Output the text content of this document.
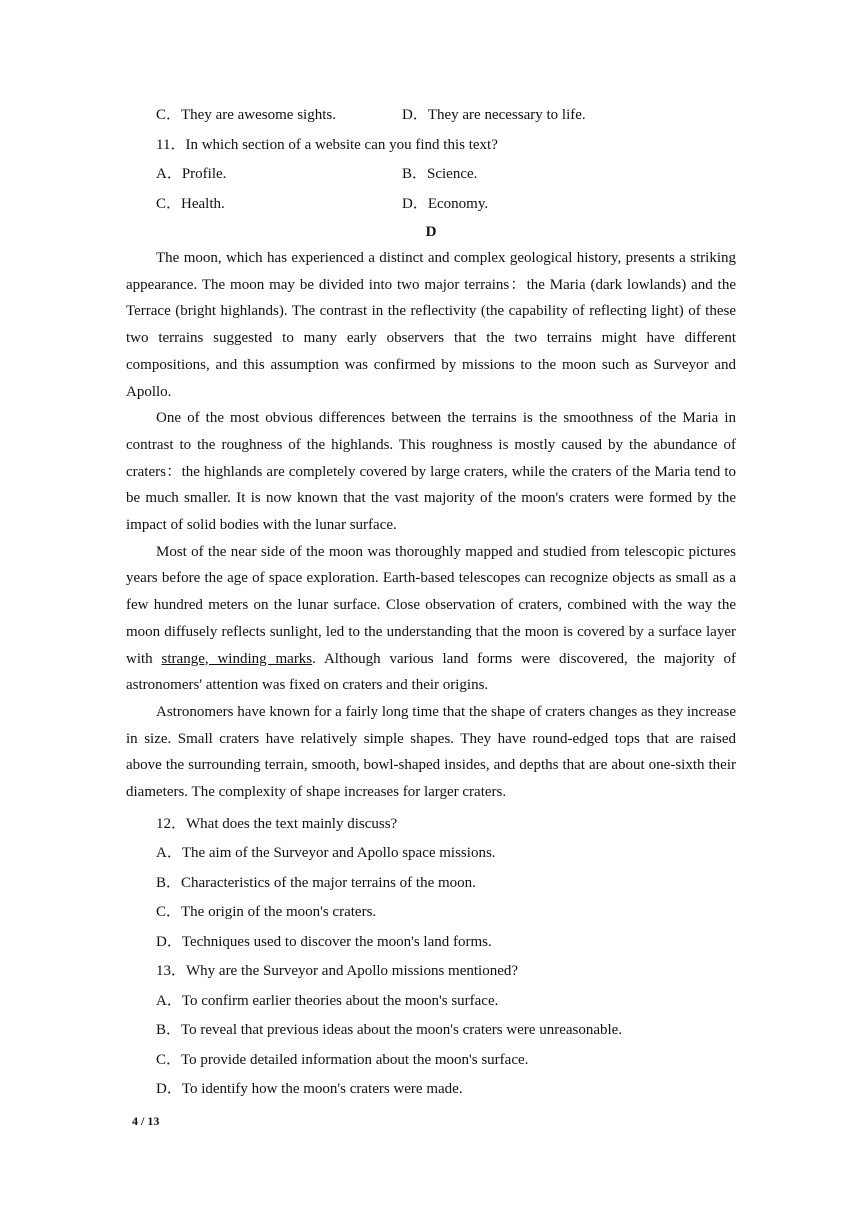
C．They are awesome sights.	D．They are necessary to life.
11．In which section of a website can you find this text?
A．Profile.	B．Science.
C．Health.	D．Economy.
D

The moon, which has experienced a distinct and complex geological history, presents a striking appearance. The moon may be divided into two major terrains：the Maria (dark lowlands) and the Terrace (bright highlands). The contrast in the reflectivity (the capability of reflecting light) of these two terrains suggested to many early observers that the two terrains might have different compositions, and this assumption was confirmed by missions to the moon such as Surveyor and Apollo.

One of the most obvious differences between the terrains is the smoothness of the Maria in contrast to the roughness of the highlands. This roughness is mostly caused by the abundance of craters：the highlands are completely covered by large craters, while the craters of the Maria tend to be much smaller. It is now known that the vast majority of the moon's craters were formed by the impact of solid bodies with the lunar surface.

Most of the near side of the moon was thoroughly mapped and studied from telescopic pictures years before the age of space exploration. Earth-based telescopes can recognize objects as small as a few hundred meters on the lunar surface. Close observation of craters, combined with the way the moon diffusely reflects sunlight, led to the understanding that the moon is covered by a surface layer with strange, winding marks. Although various land forms were discovered, the majority of astronomers' attention was fixed on craters and their origins.

Astronomers have known for a fairly long time that the shape of craters changes as they increase in size. Small craters have relatively simple shapes. They have round-edged tops that are raised above the surrounding terrain, smooth, bowl-shaped insides, and depths that are about one-sixth their diameters. The complexity of shape increases for larger craters.

12．What does the text mainly discuss?
A．The aim of the Surveyor and Apollo space missions.
B．Characteristics of the major terrains of the moon.
C．The origin of the moon's craters.
D．Techniques used to discover the moon's land forms.
13．Why are the Surveyor and Apollo missions mentioned?
A．To confirm earlier theories about the moon's surface.
B．To reveal that previous ideas about the moon's craters were unreasonable.
C．To provide detailed information about the moon's surface.
D．To identify how the moon's craters were made.
4 / 13
